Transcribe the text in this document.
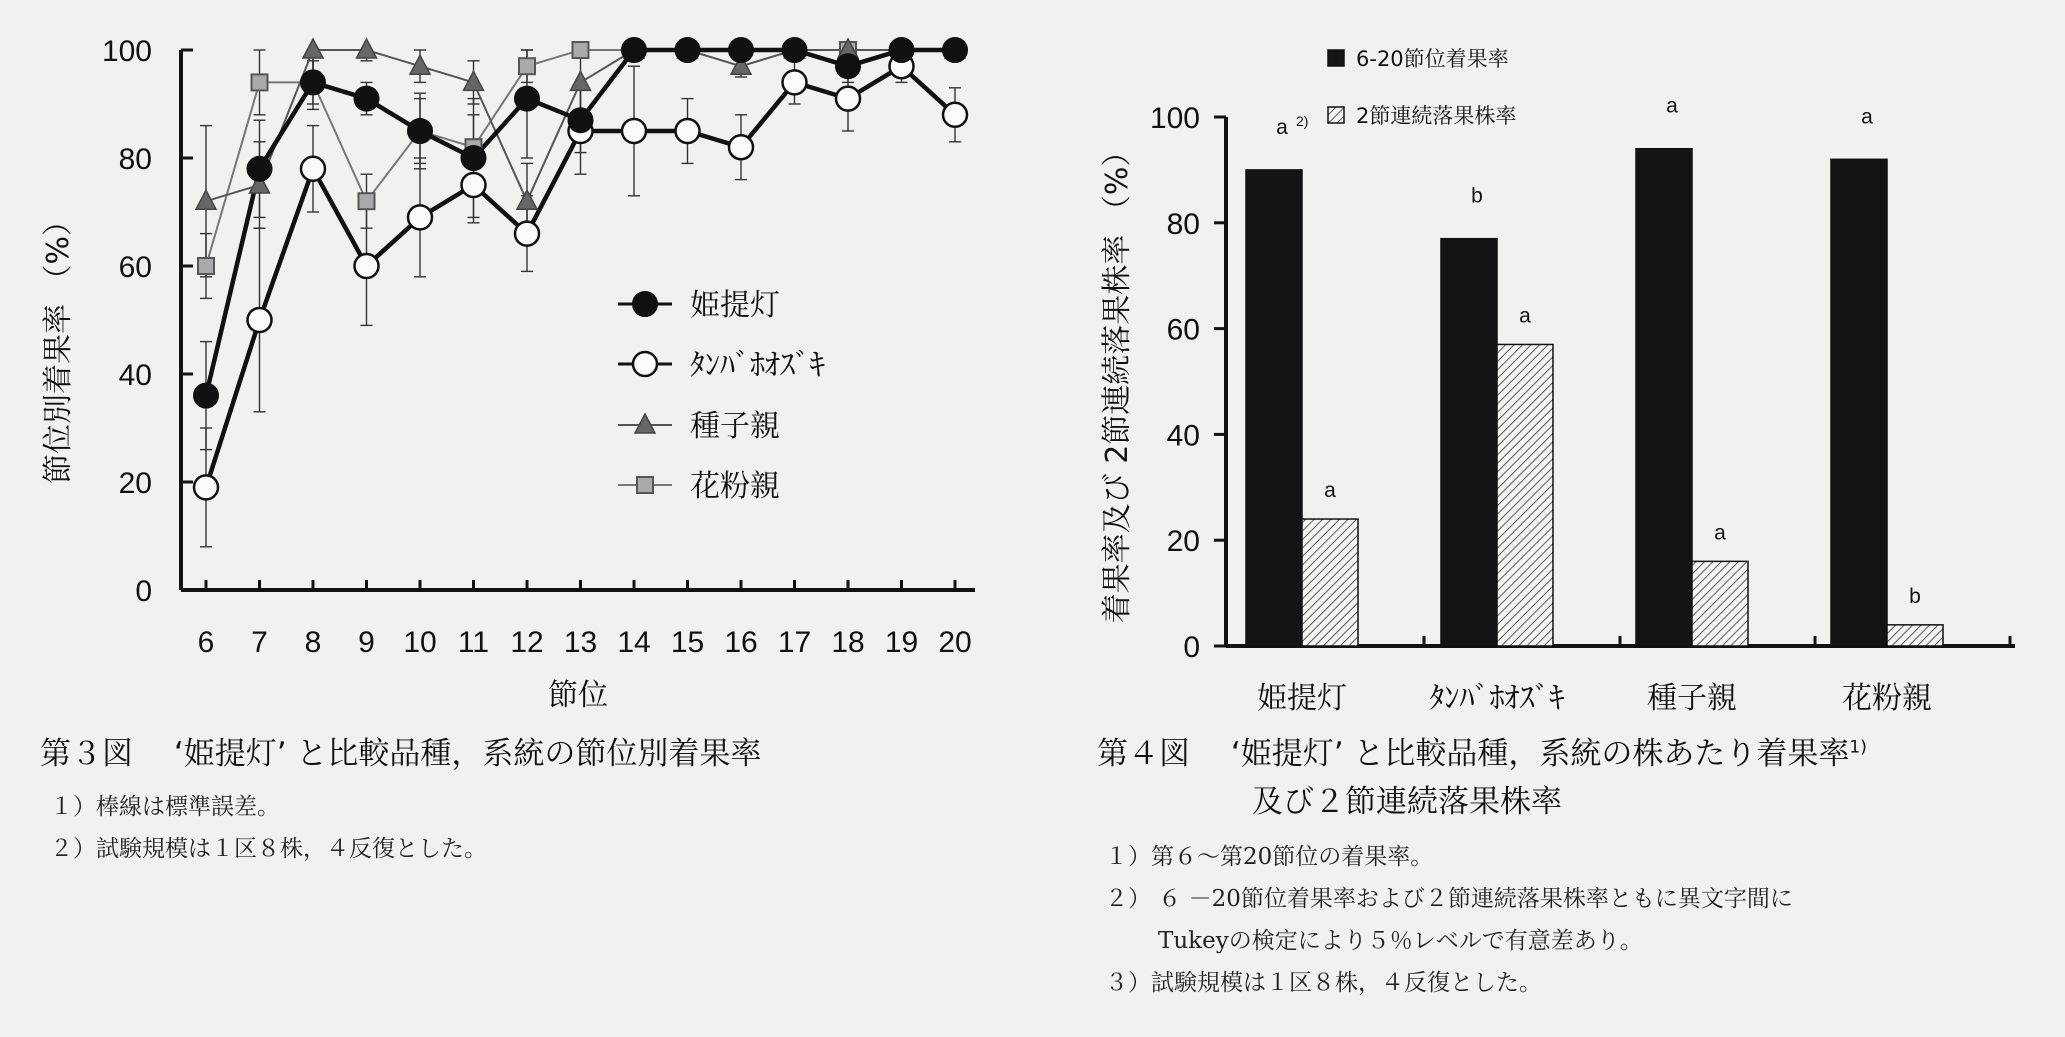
0
20
40
60
80
100
6 7 8 9 10 11 12 13 14 15 16 17 18 19 20
節位別着果率 （%）
節位
姫提灯
ﾀﾝﾊﾞﾎｵｽﾞｷ
種子親
花粉親
0
20
40
60
80
100	a 2)
a
b
a
a
a
a
b
姫提灯	ﾀﾝﾊﾞﾎｵｽﾞｷ	種子親	花粉親
着果率及び 2節連続落果株率 （%）
6-20節位着果率
2節連続落果株率
第３図　 ‘姫提灯’ と比較品種，系統の節位別着果率
１）棒線は標準誤差。
２）試験規模は１区８株，４反復とした。
第４図　 ‘姫提灯’ と比較品種，系統の株あたり着果率$^{1)}$
及び２節連続落果株率
１）第６〜第20節位の着果率。
２） ６ －20節位着果率および２節連続落果株率ともに異文字間に
Tukeyの検定により５％レベルで有意差あり。
３）試験規模は１区８株，４反復とした。
